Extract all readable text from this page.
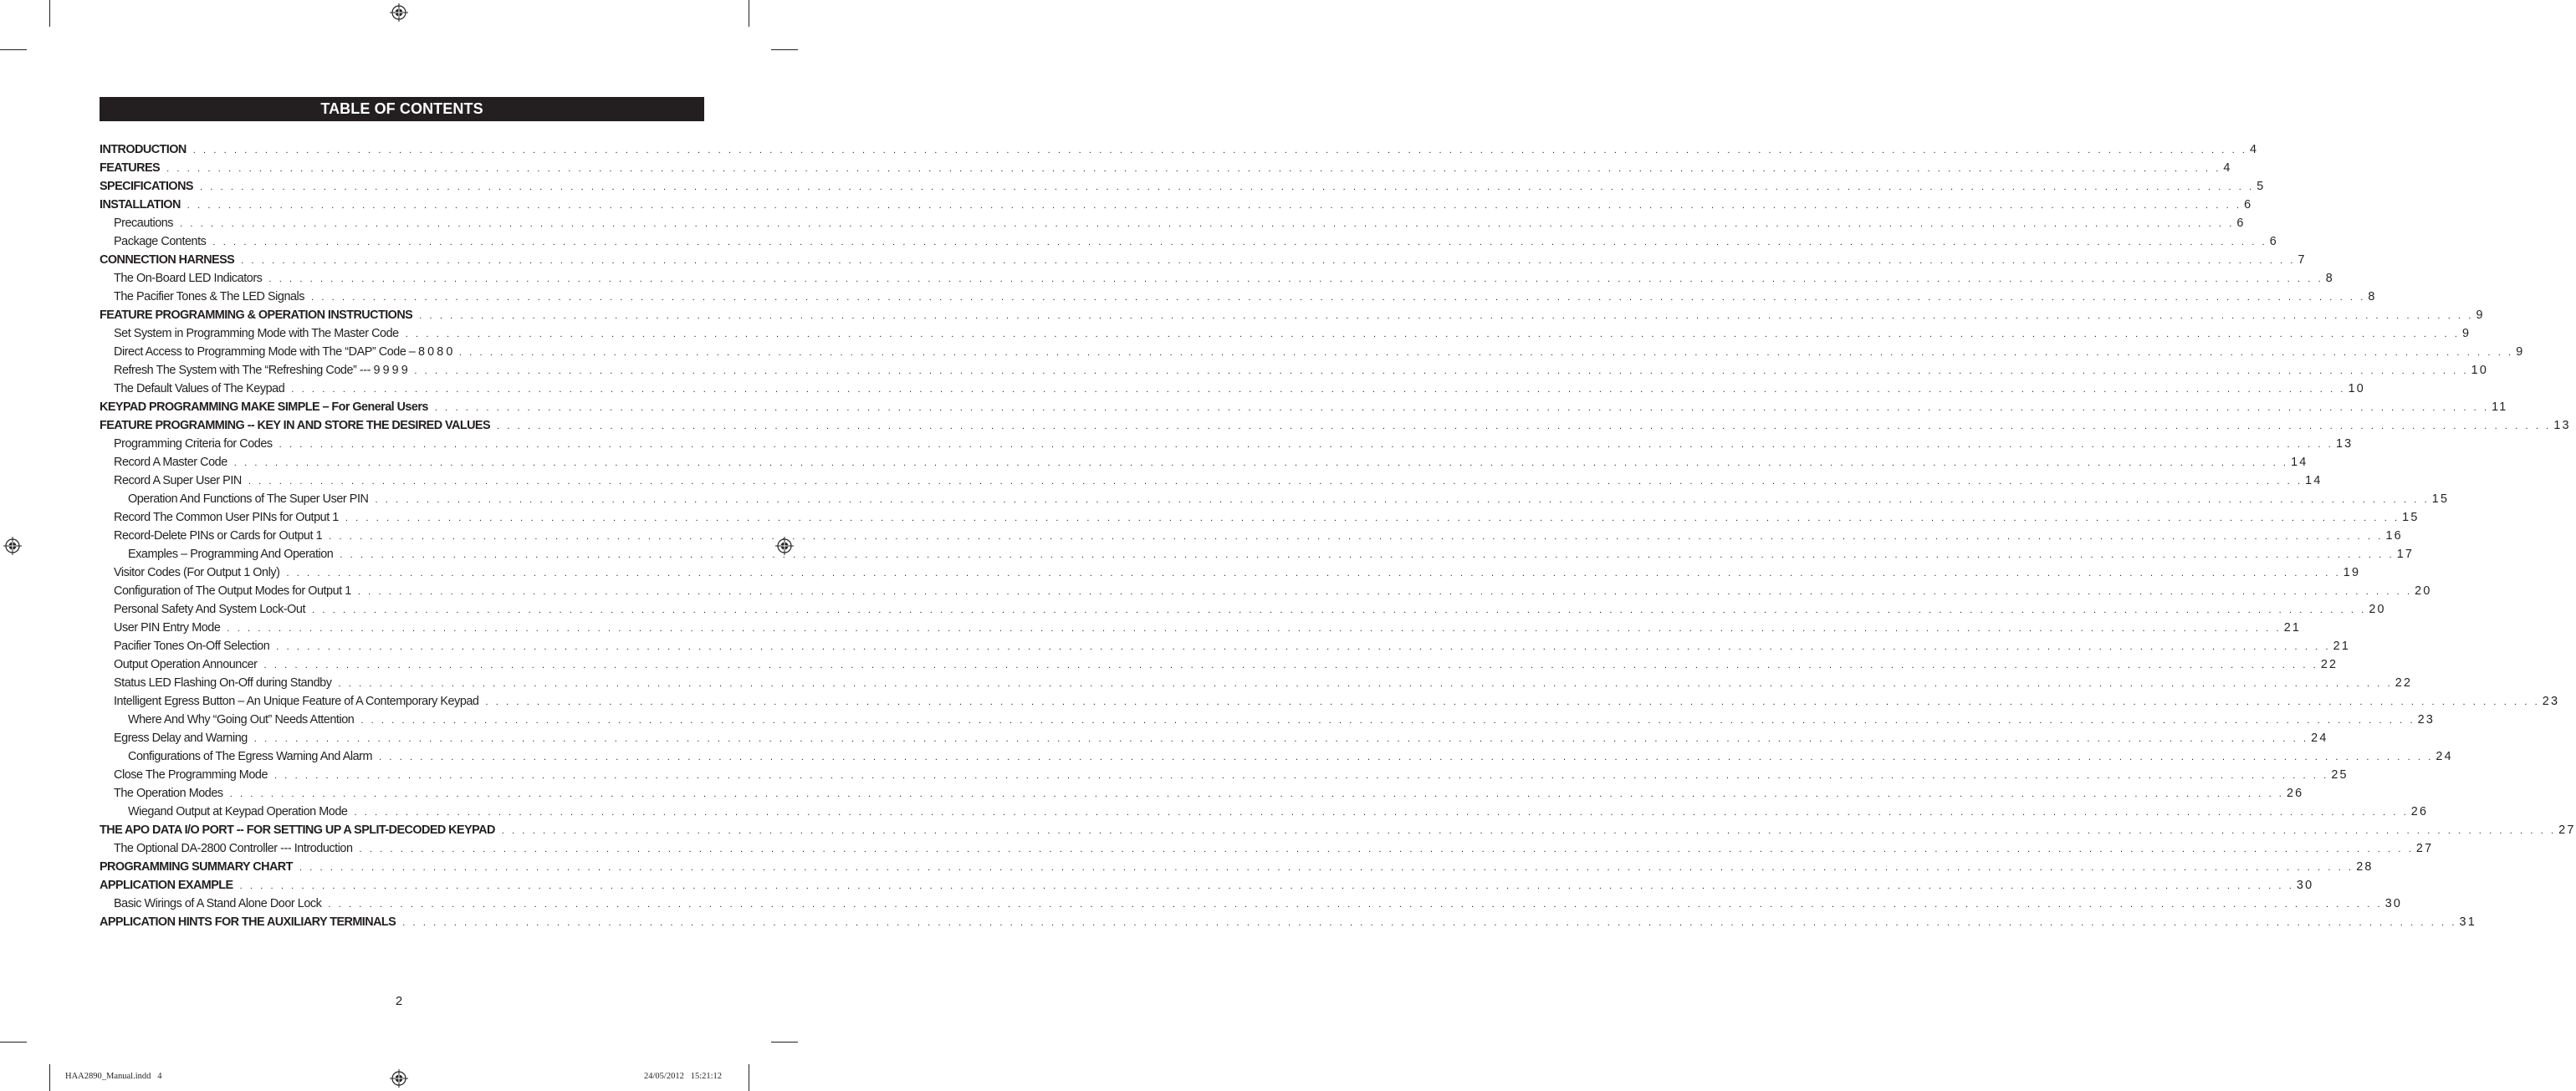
TABLE OF CONTENTS
INTRODUCTION . . . . . . . . . . . . . . . . . . . . . . . . . . . . . . . . . . . . . . . . . . . . . . . . . . . . . . . . . . . . . . . . . . . . . . . . . . . . . . . . . . . . . . . . . . . . . . . . . . . . . . . . . . . . . . . . . . . . . . . . . . . . . . . . . . . . . . . . . . . . . . . . . . . . . . . . . . . . . . . . . . . . . . . . . . . . . . . . . . . . . . . . . . . . . . . . . . . . . . . . 4
FEATURES . . . . . . . . . . . . . . . . . . . . . . . . . . . . . . . . . . . . . . . . . . . . . . . . . . . . . . . . . . . . . . . . . . . . . . . . . . . . . . . . . . . . . . . . . . . . . . . . . . . . . . . . . . . . . . . . . . . . . . . . . . . . . . . . . . . . . . . . . . . . . . . . . . . . . . . . . . . . . . . . . . . . . . . . . . . . . . . . . . . . . . . . . . . . . . . . . . . . . . . . 4
SPECIFICATIONS . . . . . . . . . . . . . . . . . . . . . . . . . . . . . . . . . . . . . . . . . . . . . . . . . . . . . . . . . . . . . . . . . . . . . . . . . . . . . . . . . . . . . . . . . . . . . . . . . . . . . . . . . . . . . . . . . . . . . . . . . . . . . . . . . . . . . . . . . . . . . . . . . . . . . . . . . . . . . . . . . . . . . . . . . . . . . . . . . . . . . . . . . . . . . . . . . . . . . . . . 5
INSTALLATION . . . . . . . . . . . . . . . . . . . . . . . . . . . . . . . . . . . . . . . . . . . . . . . . . . . . . . . . . . . . . . . . . . . . . . . . . . . . . . . . . . . . . . . . . . . . . . . . . . . . . . . . . . . . . . . . . . . . . . . . . . . . . . . . . . . . . . . . . . . . . . . . . . . . . . . . . . . . . . . . . . . . . . . . . . . . . . . . . . . . . . . . . . . . . . . . . . . . . . . . 6
Precautions . . . . . . . . . . . . . . . . . . . . . . . . . . . . . . . . . . . . . . . . . . . . . . . . . . . . . . . . . . . . . . . . . . . . . . . . . . . . . . . . . . . . . . . . . . . . . . . . . . . . . . . . . . . . . . . . . . . . . . . . . . . . . . . . . . . . . . . . . . . . . . . . . . . . . . . . . . . . . . . . . . . . . . . . . . . . . . . . . . . . . . . . . . . . . . . . . . . . . . . . 6
Package Contents . . . . . . . . . . . . . . . . . . . . . . . . . . . . . . . . . . . . . . . . . . . . . . . . . . . . . . . . . . . . . . . . . . . . . . . . . . . . . . . . . . . . . . . . . . . . . . . . . . . . . . . . . . . . . . . . . . . . . . . . . . . . . . . . . . . . . . . . . . . . . . . . . . . . . . . . . . . . . . . . . . . . . . . . . . . . . . . . . . . . . . . . . . . . . . . . . . . . . . . . 6
CONNECTION HARNESS . . . . . . . . . . . . . . . . . . . . . . . . . . . . . . . . . . . . . . . . . . . . . . . . . . . . . . . . . . . . . . . . . . . . . . . . . . . . . . . . . . . . . . . . . . . . . . . . . . . . . . . . . . . . . . . . . . . . . . . . . . . . . . . . . . . . . . . . . . . . . . . . . . . . . . . . . . . . . . . . . . . . . . . . . . . . . . . . . . . . . . . . . . . . . . . . . . . . . . . . 7
The On-Board LED Indicators . . . . . . . . . . . . . . . . . . . . . . . . . . . . . . . . . . . . . . . . . . . . . . . . . . . . . . . . . . . . . . . . . . . . . . . . . . . . . . . . . . . . . . . . . . . . . . . . . . . . . . . . . . . . . . . . . . . . . . . . . . . . . . . . . . . . . . . . . . . . . . . . . . . . . . . . . . . . . . . . . . . . . . . . . . . . . . . . . . . . . . . . . . . . . . . . . . . . . . . . 8
The Pacifier Tones & The LED Signals . . . . . . . . . . . . . . . . . . . . . . . . . . . . . . . . . . . . . . . . . . . . . . . . . . . . . . . . . . . . . . . . . . . . . . . . . . . . . . . . . . . . . . . . . . . . . . . . . . . . . . . . . . . . . . . . . . . . . . . . . . . . . . . . . . . . . . . . . . . . . . . . . . . . . . . . . . . . . . . . . . . . . . . . . . . . . . . . . . . . . . . . . . . . . . . . . . . . . . . . 8
FEATURE PROGRAMMING & OPERATION INSTRUCTIONS . . . . . . . . . . . . . . . . . . . . . . . . . . . . . . . . . . . . . . . . . . . . . . . . . . . . . . . . . . . . . . . . . . . . . . . . . . . . . . . . . . . . . . . . . . . . . . . . . . . . . . . . . . . . . . . . . . . . . . . . . . . . . . . . . . . . . . . . . . . . . . . . . . . . . . . . . . . . . . . . . . . . . . . . . . . . . . . . . . . . . . . . . . . . . . . . . . . . . . . . 9
Set System in Programming Mode with The Master Code . . . . . . . . . . . . . . . . . . . . . . . . . . . . . . . . . . . . . . . . . . . . . . . . . . . . . . . . . . . . . . . . . . . . . . . . . . . . . . . . . . . . . . . . . . . . . . . . . . . . . . . . . . . . . . . . . . . . . . . . . . . . . . . . . . . . . . . . . . . . . . . . . . . . . . . . . . . . . . . . . . . . . . . . . . . . . . . . . . . . . . . . . . . . . . . . . . . . . . . . 9
Direct Access to Programming Mode with The “DAP” Code – 8 0 8 0 . . . . . . . . . . . . . . . . . . . . . . . . . . . . . . . . . . . . . . . . . . . . . . . . . . . . . . . . . . . . . . . . . . . . . . . . . . . . . . . . . . . . . . . . . . . . . . . . . . . . . . . . . . . . . . . . . . . . . . . . . . . . . . . . . . . . . . . . . . . . . . . . . . . . . . . . . . . . . . . . . . . . . . . . . . . . . . . . . . . . . . . . . . . . . . . . . . . . . . . . 9
Refresh The System with The “Refreshing Code” --- 9 9 9 9 . . . . . . . . . . . . . . . . . . . . . . . . . . . . . . . . . . . . . . . . . . . . . . . . . . . . . . . . . . . . . . . . . . . . . . . . . . . . . . . . . . . . . . . . . . . . . . . . . . . . . . . . . . . . . . . . . . . . . . . . . . . . . . . . . . . . . . . . . . . . . . . . . . . . . . . . . . . . . . . . . . . . . . . . . . . . . . . . . . . . . . . . . . . . . . . . . . . . . . . . 10
The Default Values of The Keypad . . . . . . . . . . . . . . . . . . . . . . . . . . . . . . . . . . . . . . . . . . . . . . . . . . . . . . . . . . . . . . . . . . . . . . . . . . . . . . . . . . . . . . . . . . . . . . . . . . . . . . . . . . . . . . . . . . . . . . . . . . . . . . . . . . . . . . . . . . . . . . . . . . . . . . . . . . . . . . . . . . . . . . . . . . . . . . . . . . . . . . . . . . . . . . . . . . . . . . . . 10
KEYPAD PROGRAMMING MAKE SIMPLE – For General Users . . . . . . . . . . . . . . . . . . . . . . . . . . . . . . . . . . . . . . . . . . . . . . . . . . . . . . . . . . . . . . . . . . . . . . . . . . . . . . . . . . . . . . . . . . . . . . . . . . . . . . . . . . . . . . . . . . . . . . . . . . . . . . . . . . . . . . . . . . . . . . . . . . . . . . . . . . . . . . . . . . . . . . . . . . . . . . . . . . . . . . . . . . . . . . . . . . . . . . . . 11
FEATURE PROGRAMMING -- KEY IN AND STORE THE DESIRED VALUES . . . . . . . . . . . . . . . . . . . . . . . . . . . . . . . . . . . . . . . . . . . . . . . . . . . . . . . . . . . . . . . . . . . . . . . . . . . . . . . . . . . . . . . . . . . . . . . . . . . . . . . . . . . . . . . . . . . . . . . . . . . . . . . . . . . . . . . . . . . . . . . . . . . . . . . . . . . . . . . . . . . . . . . . . . . . . . . . . . . . . . . . . . . . . . . . . . . . . . . . 13
Programming Criteria for Codes . . . . . . . . . . . . . . . . . . . . . . . . . . . . . . . . . . . . . . . . . . . . . . . . . . . . . . . . . . . . . . . . . . . . . . . . . . . . . . . . . . . . . . . . . . . . . . . . . . . . . . . . . . . . . . . . . . . . . . . . . . . . . . . . . . . . . . . . . . . . . . . . . . . . . . . . . . . . . . . . . . . . . . . . . . . . . . . . . . . . . . . . . . . . . . . . . . . . . . . . 13
Record A Master Code . . . . . . . . . . . . . . . . . . . . . . . . . . . . . . . . . . . . . . . . . . . . . . . . . . . . . . . . . . . . . . . . . . . . . . . . . . . . . . . . . . . . . . . . . . . . . . . . . . . . . . . . . . . . . . . . . . . . . . . . . . . . . . . . . . . . . . . . . . . . . . . . . . . . . . . . . . . . . . . . . . . . . . . . . . . . . . . . . . . . . . . . . . . . . . . . . . . . . . . . 14
Record A Super User PIN . . . . . . . . . . . . . . . . . . . . . . . . . . . . . . . . . . . . . . . . . . . . . . . . . . . . . . . . . . . . . . . . . . . . . . . . . . . . . . . . . . . . . . . . . . . . . . . . . . . . . . . . . . . . . . . . . . . . . . . . . . . . . . . . . . . . . . . . . . . . . . . . . . . . . . . . . . . . . . . . . . . . . . . . . . . . . . . . . . . . . . . . . . . . . . . . . . . . . . . . 14
Operation And Functions of The Super User PIN . . . . . . . . . . . . . . . . . . . . . . . . . . . . . . . . . . . . . . . . . . . . . . . . . . . . . . . . . . . . . . . . . . . . . . . . . . . . . . . . . . . . . . . . . . . . . . . . . . . . . . . . . . . . . . . . . . . . . . . . . . . . . . . . . . . . . . . . . . . . . . . . . . . . . . . . . . . . . . . . . . . . . . . . . . . . . . . . . . . . . . . . . . . . . . . . . . . . . . . . 15
Record The Common User PINs for Output 1 . . . . . . . . . . . . . . . . . . . . . . . . . . . . . . . . . . . . . . . . . . . . . . . . . . . . . . . . . . . . . . . . . . . . . . . . . . . . . . . . . . . . . . . . . . . . . . . . . . . . . . . . . . . . . . . . . . . . . . . . . . . . . . . . . . . . . . . . . . . . . . . . . . . . . . . . . . . . . . . . . . . . . . . . . . . . . . . . . . . . . . . . . . . . . . . . . . . . . . . . 15
Record-Delete PINs or Cards for Output 1 . . . . . . . . . . . . . . . . . . . . . . . . . . . . . . . . . . . . . . . . . . . . . . . . . . . . . . . . . . . . . . . . . . . . . . . . . . . . . . . . . . . . . . . . . . . . . . . . . . . . . . . . . . . . . . . . . . . . . . . . . . . . . . . . . . . . . . . . . . . . . . . . . . . . . . . . . . . . . . . . . . . . . . . . . . . . . . . . . . . . . . . . . . . . . . . . . . . . . . . . 16
Examples – Programming And Operation . . . . . . . . . . . . . . . . . . . . . . . . . . . . . . . . . . . . . . . . . . . . . . . . . . . . . . . . . . . . . . . . . . . . . . . . . . . . . . . . . . . . . . . . . . . . . . . . . . . . . . . . . . . . . . . . . . . . . . . . . . . . . . . . . . . . . . . . . . . . . . . . . . . . . . . . . . . . . . . . . . . . . . . . . . . . . . . . . . . . . . . . . . . . . . . . . . . . . . . . 17
Visitor Codes (For Output 1 Only) . . . . . . . . . . . . . . . . . . . . . . . . . . . . . . . . . . . . . . . . . . . . . . . . . . . . . . . . . . . . . . . . . . . . . . . . . . . . . . . . . . . . . . . . . . . . . . . . . . . . . . . . . . . . . . . . . . . . . . . . . . . . . . . . . . . . . . . . . . . . . . . . . . . . . . . . . . . . . . . . . . . . . . . . . . . . . . . . . . . . . . . . . . . . . . . . . . . . . . . . 19
Configuration of The Output Modes for Output 1 . . . . . . . . . . . . . . . . . . . . . . . . . . . . . . . . . . . . . . . . . . . . . . . . . . . . . . . . . . . . . . . . . . . . . . . . . . . . . . . . . . . . . . . . . . . . . . . . . . . . . . . . . . . . . . . . . . . . . . . . . . . . . . . . . . . . . . . . . . . . . . . . . . . . . . . . . . . . . . . . . . . . . . . . . . . . . . . . . . . . . . . . . . . . . . . . . . . . . . . . 20
Personal Safety And System Lock-Out . . . . . . . . . . . . . . . . . . . . . . . . . . . . . . . . . . . . . . . . . . . . . . . . . . . . . . . . . . . . . . . . . . . . . . . . . . . . . . . . . . . . . . . . . . . . . . . . . . . . . . . . . . . . . . . . . . . . . . . . . . . . . . . . . . . . . . . . . . . . . . . . . . . . . . . . . . . . . . . . . . . . . . . . . . . . . . . . . . . . . . . . . . . . . . . . . . . . . . . . 20
User PIN Entry Mode . . . . . . . . . . . . . . . . . . . . . . . . . . . . . . . . . . . . . . . . . . . . . . . . . . . . . . . . . . . . . . . . . . . . . . . . . . . . . . . . . . . . . . . . . . . . . . . . . . . . . . . . . . . . . . . . . . . . . . . . . . . . . . . . . . . . . . . . . . . . . . . . . . . . . . . . . . . . . . . . . . . . . . . . . . . . . . . . . . . . . . . . . . . . . . . . . . . . . . . . 21
Pacifier Tones On-Off Selection . . . . . . . . . . . . . . . . . . . . . . . . . . . . . . . . . . . . . . . . . . . . . . . . . . . . . . . . . . . . . . . . . . . . . . . . . . . . . . . . . . . . . . . . . . . . . . . . . . . . . . . . . . . . . . . . . . . . . . . . . . . . . . . . . . . . . . . . . . . . . . . . . . . . . . . . . . . . . . . . . . . . . . . . . . . . . . . . . . . . . . . . . . . . . . . . . . . . . . . . 21
Output Operation Announcer . . . . . . . . . . . . . . . . . . . . . . . . . . . . . . . . . . . . . . . . . . . . . . . . . . . . . . . . . . . . . . . . . . . . . . . . . . . . . . . . . . . . . . . . . . . . . . . . . . . . . . . . . . . . . . . . . . . . . . . . . . . . . . . . . . . . . . . . . . . . . . . . . . . . . . . . . . . . . . . . . . . . . . . . . . . . . . . . . . . . . . . . . . . . . . . . . . . . . . . . 22
Status LED Flashing On-Off during Standby . . . . . . . . . . . . . . . . . . . . . . . . . . . . . . . . . . . . . . . . . . . . . . . . . . . . . . . . . . . . . . . . . . . . . . . . . . . . . . . . . . . . . . . . . . . . . . . . . . . . . . . . . . . . . . . . . . . . . . . . . . . . . . . . . . . . . . . . . . . . . . . . . . . . . . . . . . . . . . . . . . . . . . . . . . . . . . . . . . . . . . . . . . . . . . . . . . . . . . . . 22
Intelligent Egress Button – An Unique Feature of A Contemporary Keypad . . . . . . . . . . . . . . . . . . . . . . . . . . . . . . . . . . . . . . . . . . . . . . . . . . . . . . . . . . . . . . . . . . . . . . . . . . . . . . . . . . . . . . . . . . . . . . . . . . . . . . . . . . . . . . . . . . . . . . . . . . . . . . . . . . . . . . . . . . . . . . . . . . . . . . . . . . . . . . . . . . . . . . . . . . . . . . . . . . . . . . . . . . . . . . . . . . . . . . . . 23
Where And Why “Going Out” Needs Attention . . . . . . . . . . . . . . . . . . . . . . . . . . . . . . . . . . . . . . . . . . . . . . . . . . . . . . . . . . . . . . . . . . . . . . . . . . . . . . . . . . . . . . . . . . . . . . . . . . . . . . . . . . . . . . . . . . . . . . . . . . . . . . . . . . . . . . . . . . . . . . . . . . . . . . . . . . . . . . . . . . . . . . . . . . . . . . . . . . . . . . . . . . . . . . . . . . . . . . . . 23
Egress Delay and Warning . . . . . . . . . . . . . . . . . . . . . . . . . . . . . . . . . . . . . . . . . . . . . . . . . . . . . . . . . . . . . . . . . . . . . . . . . . . . . . . . . . . . . . . . . . . . . . . . . . . . . . . . . . . . . . . . . . . . . . . . . . . . . . . . . . . . . . . . . . . . . . . . . . . . . . . . . . . . . . . . . . . . . . . . . . . . . . . . . . . . . . . . . . . . . . . . . . . . . . . . 24
Configurations of The Egress Warning And Alarm . . . . . . . . . . . . . . . . . . . . . . . . . . . . . . . . . . . . . . . . . . . . . . . . . . . . . . . . . . . . . . . . . . . . . . . . . . . . . . . . . . . . . . . . . . . . . . . . . . . . . . . . . . . . . . . . . . . . . . . . . . . . . . . . . . . . . . . . . . . . . . . . . . . . . . . . . . . . . . . . . . . . . . . . . . . . . . . . . . . . . . . . . . . . . . . . . . . . . . . . 24
Close The Programming Mode . . . . . . . . . . . . . . . . . . . . . . . . . . . . . . . . . . . . . . . . . . . . . . . . . . . . . . . . . . . . . . . . . . . . . . . . . . . . . . . . . . . . . . . . . . . . . . . . . . . . . . . . . . . . . . . . . . . . . . . . . . . . . . . . . . . . . . . . . . . . . . . . . . . . . . . . . . . . . . . . . . . . . . . . . . . . . . . . . . . . . . . . . . . . . . . . . . . . . . . . 25
The Operation Modes . . . . . . . . . . . . . . . . . . . . . . . . . . . . . . . . . . . . . . . . . . . . . . . . . . . . . . . . . . . . . . . . . . . . . . . . . . . . . . . . . . . . . . . . . . . . . . . . . . . . . . . . . . . . . . . . . . . . . . . . . . . . . . . . . . . . . . . . . . . . . . . . . . . . . . . . . . . . . . . . . . . . . . . . . . . . . . . . . . . . . . . . . . . . . . . . . . . . . . . . 26
Wiegand Output at Keypad Operation Mode . . . . . . . . . . . . . . . . . . . . . . . . . . . . . . . . . . . . . . . . . . . . . . . . . . . . . . . . . . . . . . . . . . . . . . . . . . . . . . . . . . . . . . . . . . . . . . . . . . . . . . . . . . . . . . . . . . . . . . . . . . . . . . . . . . . . . . . . . . . . . . . . . . . . . . . . . . . . . . . . . . . . . . . . . . . . . . . . . . . . . . . . . . . . . . . . . . . . . . . . 26
THE APO DATA I/O PORT -- FOR SETTING UP A SPLIT-DECODED KEYPAD . . . . . . . . . . . . . . . . . . . . . . . . . . . . . . . . . . . . . . . . . . . . . . . . . . . . . . . . . . . . . . . . . . . . . . . . . . . . . . . . . . . . . . . . . . . . . . . . . . . . . . . . . . . . . . . . . . . . . . . . . . . . . . . . . . . . . . . . . . . . . . . . . . . . . . . . . . . . . . . . . . . . . . . . . . . . . . . . . . . . . . . . . . . . . . . . . . . . . . . . 27
The Optional DA-2800 Controller --- Introduction . . . . . . . . . . . . . . . . . . . . . . . . . . . . . . . . . . . . . . . . . . . . . . . . . . . . . . . . . . . . . . . . . . . . . . . . . . . . . . . . . . . . . . . . . . . . . . . . . . . . . . . . . . . . . . . . . . . . . . . . . . . . . . . . . . . . . . . . . . . . . . . . . . . . . . . . . . . . . . . . . . . . . . . . . . . . . . . . . . . . . . . . . . . . . . . . . . . . . . . . 27
PROGRAMMING SUMMARY CHART . . . . . . . . . . . . . . . . . . . . . . . . . . . . . . . . . . . . . . . . . . . . . . . . . . . . . . . . . . . . . . . . . . . . . . . . . . . . . . . . . . . . . . . . . . . . . . . . . . . . . . . . . . . . . . . . . . . . . . . . . . . . . . . . . . . . . . . . . . . . . . . . . . . . . . . . . . . . . . . . . . . . . . . . . . . . . . . . . . . . . . . . . . . . . . . . . . . . . . . . 28
APPLICATION EXAMPLE . . . . . . . . . . . . . . . . . . . . . . . . . . . . . . . . . . . . . . . . . . . . . . . . . . . . . . . . . . . . . . . . . . . . . . . . . . . . . . . . . . . . . . . . . . . . . . . . . . . . . . . . . . . . . . . . . . . . . . . . . . . . . . . . . . . . . . . . . . . . . . . . . . . . . . . . . . . . . . . . . . . . . . . . . . . . . . . . . . . . . . . . . . . . . . . . . . . . . . . . 30
Basic Wirings of A Stand Alone Door Lock . . . . . . . . . . . . . . . . . . . . . . . . . . . . . . . . . . . . . . . . . . . . . . . . . . . . . . . . . . . . . . . . . . . . . . . . . . . . . . . . . . . . . . . . . . . . . . . . . . . . . . . . . . . . . . . . . . . . . . . . . . . . . . . . . . . . . . . . . . . . . . . . . . . . . . . . . . . . . . . . . . . . . . . . . . . . . . . . . . . . . . . . . . . . . . . . . . . . . . . . 30
APPLICATION HINTS FOR THE AUXILIARY TERMINALS . . . . . . . . . . . . . . . . . . . . . . . . . . . . . . . . . . . . . . . . . . . . . . . . . . . . . . . . . . . . . . . . . . . . . . . . . . . . . . . . . . . . . . . . . . . . . . . . . . . . . . . . . . . . . . . . . . . . . . . . . . . . . . . . . . . . . . . . . . . . . . . . . . . . . . . . . . . . . . . . . . . . . . . . . . . . . . . . . . . . . . . . . . . . . . . . . . . . . . . . 31
2
HAA2890_Manual.indd   4	24/05/2012   15:21:12
